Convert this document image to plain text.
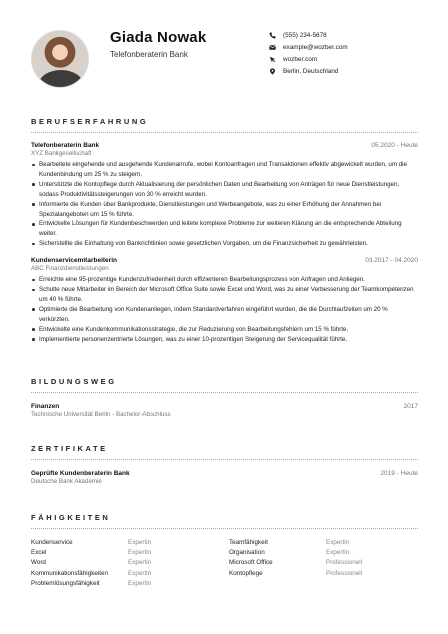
Giada Nowak
Telefonberaterin Bank
(555) 234-5678
example@wozber.com
wozber.com
Berlin, Deutschland
BERUFSERFAHRUNG
Telefonberaterin Bank	05.2020 - Heute
XYZ Bankgesellschaft
Bearbeitete eingehende und ausgehende Kundenanrufe, wobei Kontoanfragen und Transaktionen effektiv abgewickelt wurden, um die Kundenbindung um 25 % zu steigern.
Unterstützte die Kontopflege durch Aktualisierung der persönlichen Daten und Bearbeitung von Anträgen für neue Dienstleistungen, sodass Produktivitätssteigerungen von 30 % erreicht wurden.
Informierte die Kunden über Bankprodukte, Dienstleistungen und Werbeangebote, was zu einer Erhöhung der Annahmen bei Spezialangeboten um 15 % führte.
Entwickelte Lösungen für Kundenbeschwerden und leitete komplexe Probleme zur weiteren Klärung an die entsprechende Abteilung weiter.
Sicherstellte die Einhaltung von Bankrichtlinien sowie gesetzlichen Vorgaben, um die Finanzsicherheit zu gewährleisten.
Kundenservicemitarbeiterin	03.2017 - 04.2020
ABC Finanzdienstleistungen
Erreichte eine 95-prozentige Kundenzufriedenheit durch effizienteren Bearbeitungsprozess von Anfragen und Anliegen.
Schulte neue Mitarbeiter im Bereich der Microsoft Office Suite sowie Excel und Word, was zu einer Verbesserung der Teamkompetenzen um 40 % führte.
Optimierte die Bearbeitung von Kundenanliegen, indem Standardverfahren eingeführt wurden, die die Durchlaufzeiten um 20 % verkürzten.
Entwickelte eine Kundenkommunikationsstrategie, die zur Reduzierung von Bearbeitungsfehlern um 15 % führte.
Implementierte personenzentrierte Lösungen, was zu einer 10-prozentigen Steigerung der Servicequalität führte.
BILDUNGSWEG
Finanzen	2017
Technische Universität Berlin - Bachelor-Abschluss
ZERTIFIKATE
Geprüfte Kundenberaterin Bank	2019 - Heute
Deutsche Bank Akademie
FÄHIGKEITEN
Kundenservice	Expertin	Teamfähigkeit	Expertin
Excel	Expertin	Organisation	Expertin
Word	Expertin	Microsoft Office	Professionell
Kommunikationsfähigkeiten	Expertin	Kontopflege	Professionell
Problemlösungsfähigkeit	Expertin
